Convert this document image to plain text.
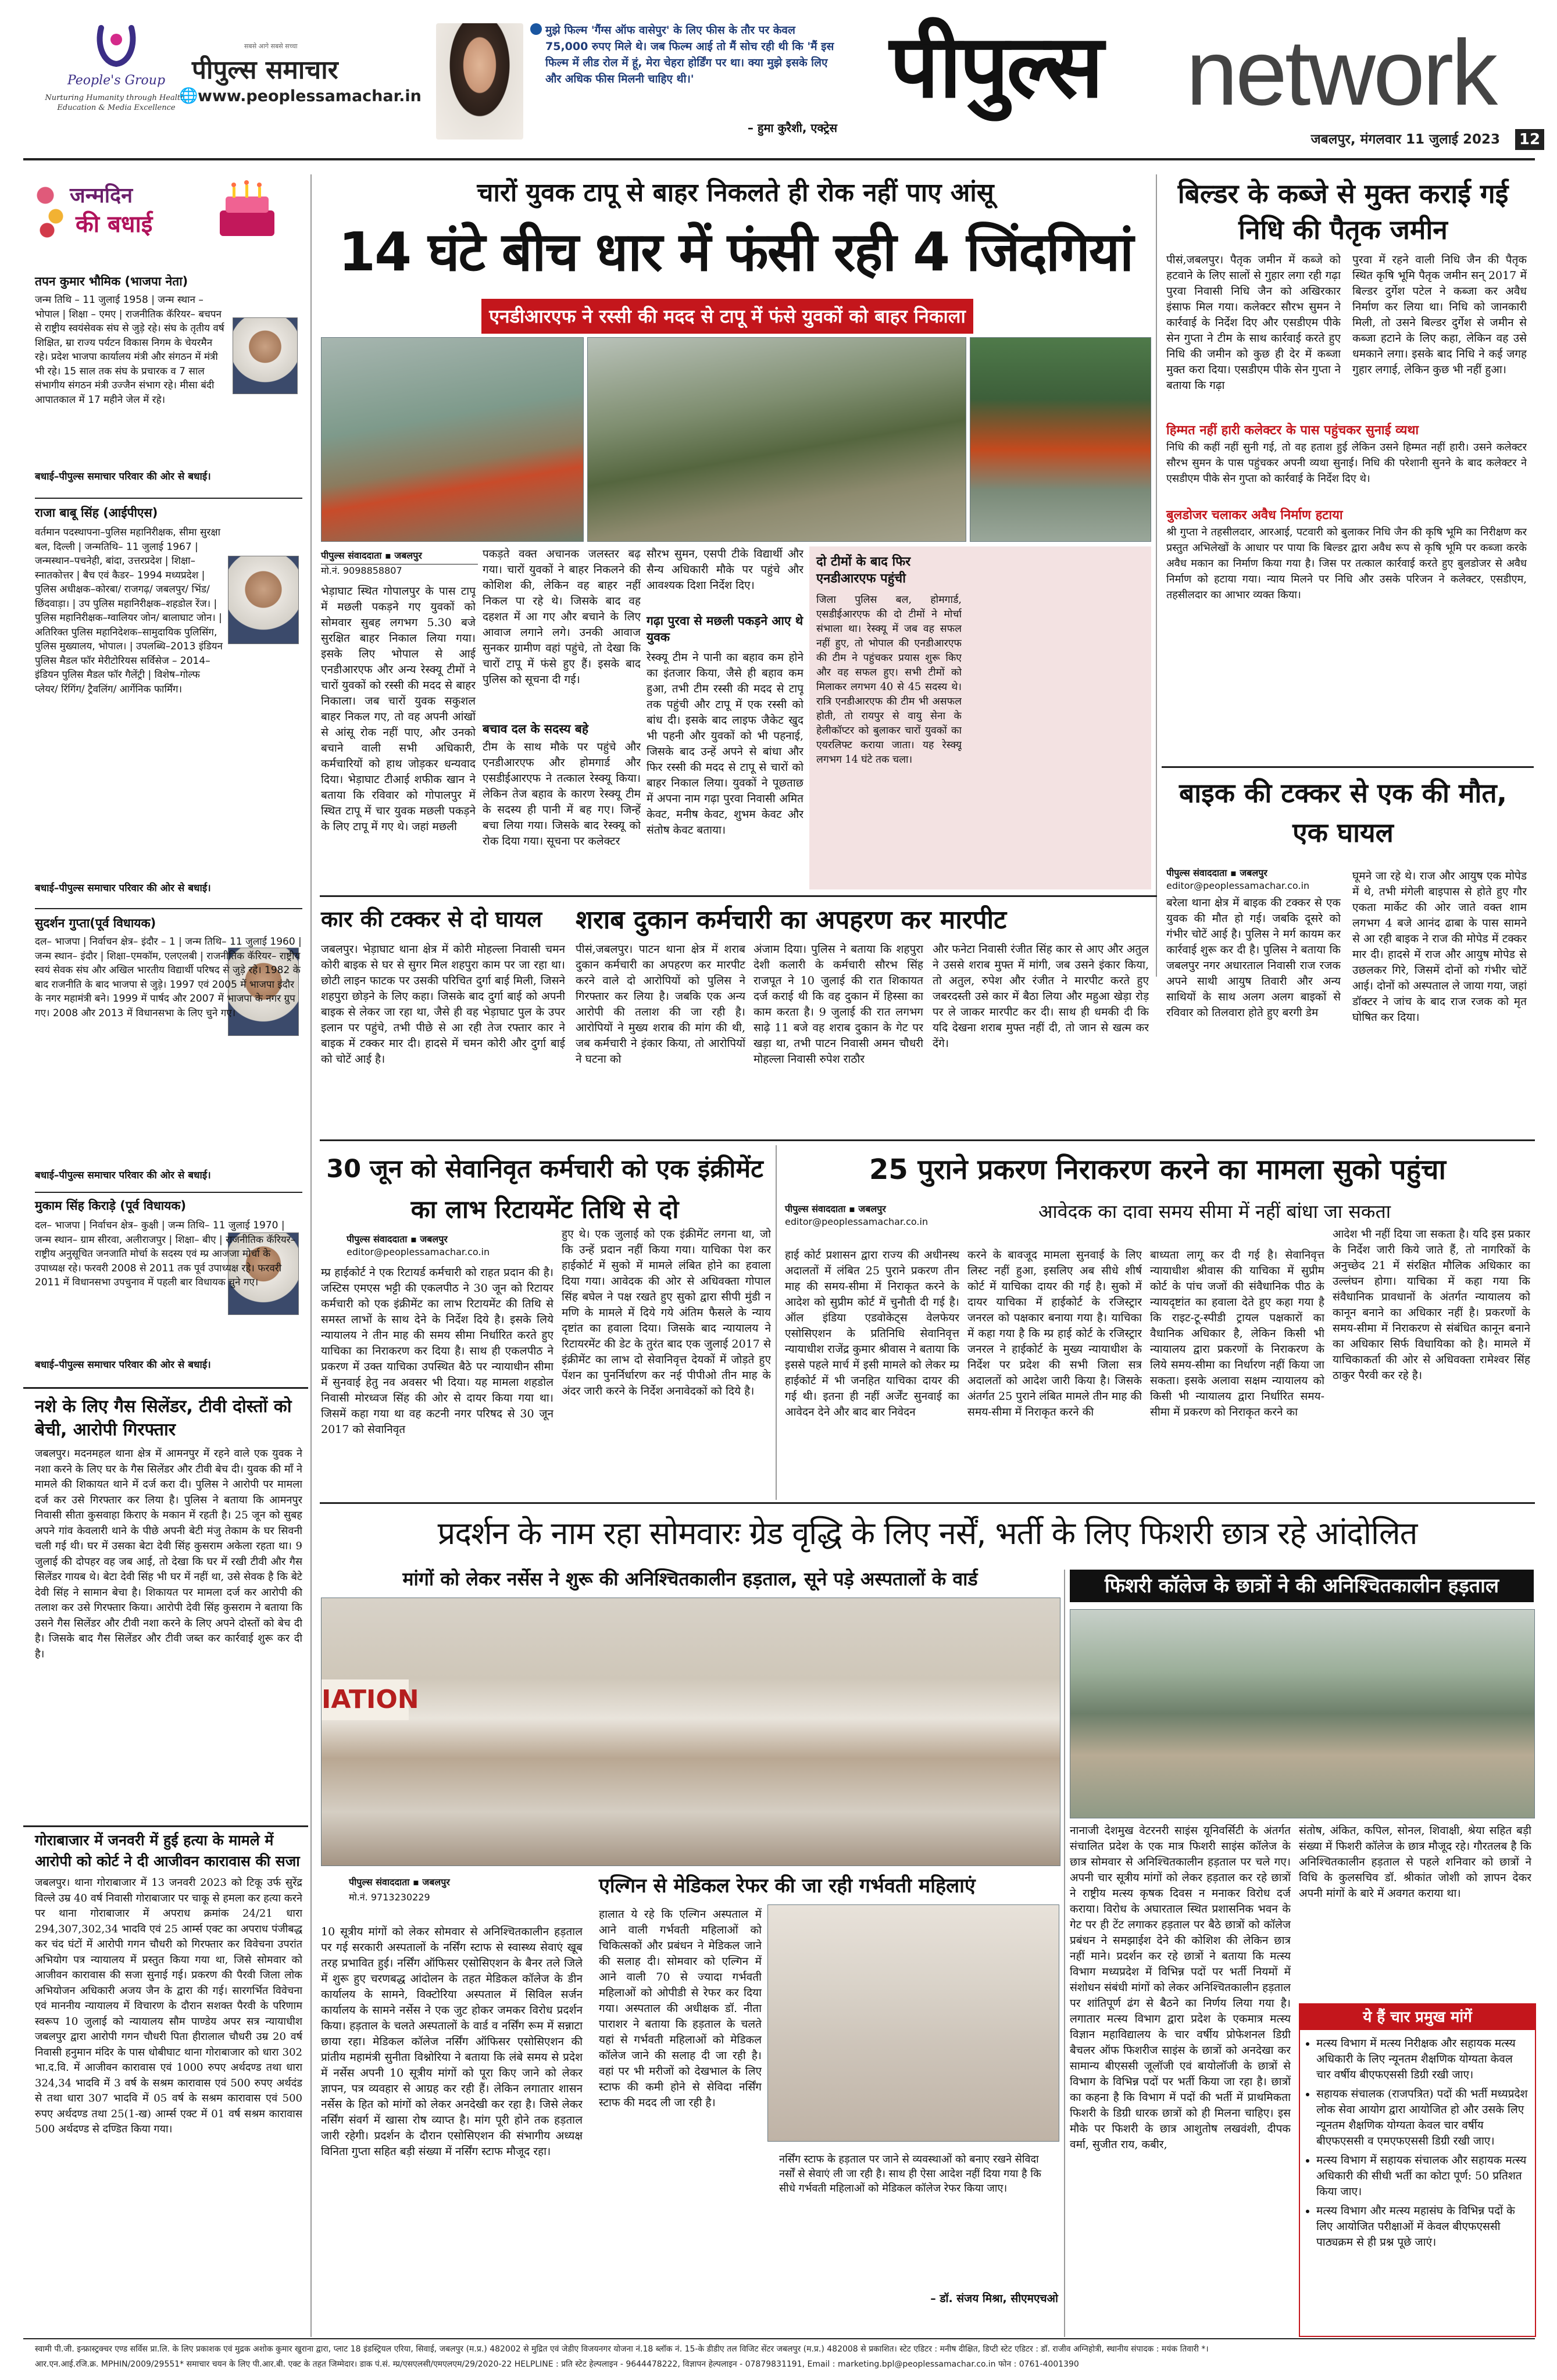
People's Group
Nurturing Humanity through Health, Education & Media Excellence
सबसे आगे सबसे सच्चा
पीपुल्स समाचार
www.peoplessamachar.in
🌐
मुझे फिल्म 'गैंग्स ऑफ वासेपुर' के लिए फीस के तौर पर केवल 75,000 रुपए मिले थे। जब फिल्म आई तो मैं सोच रही थी कि 'मैं इस फिल्म में लीड रोल में हूं, मेरा चेहरा होर्डिंग पर था। क्या मुझे इसके लिए और अधिक फीस मिलनी चाहिए थी।'
– हुमा कुरैशी, एक्ट्रेस
पीपुल्स network
जबलपुर, मंगलवार 11 जुलाई 2023 12
जन्मदिन
की बधाई
तपन कुमार भौमिक (भाजपा नेता)

जन्म तिथि – 11 जुलाई 1958 | जन्म स्थान – भोपाल | शिक्षा – एमए | राजनीतिक कॅरियर– बचपन से राष्ट्रीय स्वयंसेवक संघ से जुड़े रहे। संघ के तृतीय वर्ष शिक्षित, म्रा राज्य पर्यटन विकास निगम के चेयरमैन रहे। प्रदेश भाजपा कार्यालय मंत्री और संगठन में मंत्री भी रहे। 15 साल तक संघ के प्रचारक व 7 साल संभागीय संगठन मंत्री उज्जैन संभाग रहे। मीसा बंदी आपातकाल में 17 महीने जेल में रहे।

बधाई–पीपुल्स समाचार परिवार की ओर से बधाई।

राजा बाबू सिंह (आईपीएस)

वर्तमान पदस्थापना–पुलिस महानिरीक्षक, सीमा सुरक्षा बल, दिल्ली | जन्मतिथि– 11 जुलाई 1967 | जन्मस्थान–पचनेही, बांदा, उत्तरप्रदेश | शिक्षा–स्नातकोत्तर | बैच एवं कैडर– 1994 मध्यप्रदेश | पुलिस अधीक्षक–कोरबा/ राजगढ़/ जबलपुर/ भिंड/ छिंदवाड़ा। | उप पुलिस महानिरीक्षक–शहडोल रेंज। | पुलिस महानिरीक्षक–ग्वालियर जोन/ बालाघाट जोन। | अतिरिक्त पुलिस महानिदेशक–सामुदायिक पुलिसिंग, पुलिस मुख्यालय, भोपाल। | उपलब्धि–2013 इंडियन पुलिस मैडल फॉर मेरीटोरियस सर्विसेज – 2014–इंडियन पुलिस मैडल फॉर गैलेंट्री | विशेष–गोल्फ प्लेयर/ रिंगिंग/ ट्रैवलिंग/ आर्गेनिक फार्मिंग।

बधाई–पीपुल्स समाचार परिवार की ओर से बधाई।

सुदर्शन गुप्ता(पूर्व विधायक)

दल– भाजपा | निर्वाचन क्षेत्र– इंदौर – 1 | जन्म तिथि– 11 जुलाई 1960 | जन्म स्थान– इंदौर | शिक्षा–एमकॉम, एलएलबी | राजनीतिक कॅरियर– राष्ट्रीय स्वयं सेवक संघ और अखिल भारतीय विद्यार्थी परिषद से जुड़े रहे। 1982 के बाद राजनीति के बाद भाजपा से जुड़े। 1997 एवं 2005 में भाजपा इंदौर के नगर महामंत्री बने। 1999 में पार्षद और 2007 में भाजपा के नगर ग्रुप गए। 2008 और 2013 में विधानसभा के लिए चुने गए।

बधाई–पीपुल्स समाचार परिवार की ओर से बधाई।

मुकाम सिंह किराड़े (पूर्व विधायक)

दल– भाजपा | निर्वाचन क्षेत्र– कुक्षी | जन्म तिथि– 11 जुलाई 1970 | जन्म स्थान– ग्राम सीरवा, अलीराजपुर | शिक्षा– बीए | राजनीतिक कॅरियर– राष्ट्रीय अनुसूचित जनजाति मोर्चा के सदस्य एवं म्प्र आजजा मोर्चा के उपाध्यक्ष रहे। फरवरी 2008 से 2011 तक पूर्व उपाध्यक्ष रहे। फरवरी 2011 में विधानसभा उपचुनाव में पहली बार विधायक चुने गए।

बधाई–पीपुल्स समाचार परिवार की ओर से बधाई।

नशे के लिए गैस सिलेंडर, टीवी दोस्तों को बेची, आरोपी गिरफ्तार

जबलपुर। मदनमहल थाना क्षेत्र में आमनपुर में रहने वाले एक युवक ने नशा करने के लिए घर के गैस सिलेंडर और टीवी बेच दी। युवक की माँ ने मामले की शिकायत थाने में दर्ज करा दी। पुलिस ने आरोपी पर मामला दर्ज कर उसे गिरफ्तार कर लिया है। पुलिस ने बताया कि आमनपुर निवासी सीता कुसवाहा किराए के मकान में रहती है। 25 जून को सुबह अपने गांव केवलारी थाने के पीछे अपनी बेटी मंजु तेकाम के घर सिवनी चली गई थी। घर में उसका बेटा देवी सिंह कुसराम अकेला रहता था। 9 जुलाई की दोपहर वह जब आई, तो देखा कि घर में रखी टीवी और गैस सिलेंडर गायब थे। बेटा देवी सिंह भी घर में नहीं था, उसे सेवक है कि बेटे देवी सिंह ने सामान बेचा है। शिकायत पर मामला दर्ज कर आरोपी की तलाश कर उसे गिरफ्तार किया। आरोपी देवी सिंह कुसराम ने बताया कि उसने गैस सिलेंडर और टीवी नशा करने के लिए अपने दोस्तों को बेच दी है। जिसके बाद गैस सिलेंडर और टीवी जब्त कर कार्रवाई शुरू कर दी है।

गोराबाजार में जनवरी में हुई हत्या के मामले में आरोपी को कोर्ट ने दी आजीवन कारावास की सजा

जबलपुर। थाना गोराबाजार में 13 जनवरी 2023 को टिकू उर्फ सुरेंद्र विल्ले उम्र 40 वर्ष निवासी गोराबाजार पर चाकू से हमला कर हत्या करने पर थाना गोराबाजार में अपराध क्रमांक 24/21 धारा 294,307,302,34 भादवि एवं 25 आर्म्स एक्ट का अपराध पंजीबद्ध कर चंद घंटों में आरोपी गगन चौधरी को गिरफ्तार कर विवेचना उपरांत अभियोग पत्र न्यायालय में प्रस्तुत किया गया था, जिसे सोमवार को आजीवन कारावास की सजा सुनाई गई। प्रकरण की पैरवी जिला लोक अभियोजन अधिकारी अजय जैन के द्वारा की गई। सारगर्भित विवेचना एवं माननीय न्यायालय में विचारण के दौरान सशक्त पैरवी के परिणाम स्वरूप 10 जुलाई को न्यायालय सौम पाण्डेय अपर सत्र न्यायाधीश जबलपुर द्वारा आरोपी गगन चौधरी पिता हीरालाल चौधरी उम्र 20 वर्ष निवासी हनुमान मंदिर के पास धोबीघाट थाना गोराबाजार को धारा 302 भा.द.वि. में आजीवन कारावास एवं 1000 रुपए अर्थदण्ड तथा धारा 324,34 भादवि में 3 वर्ष के सश्रम कारावास एवं 500 रुपए अर्थदंड से तथा धारा 307 भादवि में 05 वर्ष के सश्रम कारावास एवं 500 रुपए अर्थदण्ड तथा 25(1-ख) आर्म्स एक्ट में 01 वर्ष सश्रम कारावास 500 अर्थदण्ड से दण्डित किया गया।

चारों युवक टापू से बाहर निकलते ही रोक नहीं पाए आंसू
14 घंटे बीच धार में फंसी रही 4 जिंदगियां
एनडीआरएफ ने रस्सी की मदद से टापू में फंसे युवकों को बाहर निकाला
पीपुल्स संवाददाता ▪ जबलपुर
मो.नं. 9098858807

भेड़ाघाट स्थित गोपालपुर के पास टापू में मछली पकड़ने गए युवकों को सोमवार सुबह लगभग 5.30 बजे सुरक्षित बाहर निकाल लिया गया। इसके लिए भोपाल से आई एनडीआरएफ और अन्य रेस्क्यू टीमों ने चारों युवकों को रस्सी की मदद से बाहर निकाला। जब चारों युवक सकुशल बाहर निकल गए, तो वह अपनी आंखों से आंसू रोक नहीं पाए, और उनको बचाने वाली सभी अधिकारी, कर्मचारियों को हाथ जोड़कर धन्यवाद दिया। भेड़ाघाट टीआई शफीक खान ने बताया कि रविवार को गोपालपुर में स्थित टापू में चार युवक मछली पकड़ने के लिए टापू में गए थे। जहां मछली

पकड़ते वक्त अचानक जलस्तर बढ़ गया। चारों युवकों ने बाहर निकलने की कोशिश की, लेकिन वह बाहर नहीं निकल पा रहे थे। जिसके बाद वह दहशत में आ गए और बचाने के लिए आवाज लगाने लगे। उनकी आवाज सुनकर ग्रामीण वहां पहुंचे, तो देखा कि चारों टापू में फंसे हुए हैं। इसके बाद पुलिस को सूचना दी गई।

बचाव दल के सदस्य बहे

टीम के साथ मौके पर पहुंचे और एनडीआरएफ और होमगार्ड और एसडीईआरएफ ने तत्काल रेस्क्यू किया। लेकिन तेज बहाव के कारण रेस्क्यू टीम के सदस्य ही पानी में बह गए। जिन्हें बचा लिया गया। जिसके बाद रेस्क्यू को रोक दिया गया। सूचना पर कलेक्टर

सौरभ सुमन, एसपी टीके विद्यार्थी और सैन्य अधिकारी मौके पर पहुंचे और आवश्यक दिशा निर्देश दिए।

गढ़ा पुरवा से मछली पकड़ने आए थे युवक

रेस्क्यू टीम ने पानी का बहाव कम होने का इंतजार किया, जैसे ही बहाव कम हुआ, तभी टीम रस्सी की मदद से टापू तक पहुंची और टापू में एक रस्सी को बांध दी। इसके बाद लाइफ जैकेट खुद भी पहनी और युवकों को भी पहनाई, जिसके बाद उन्हें अपने से बांधा और फिर रस्सी की मदद से टापू से चारों को बाहर निकाल लिया। युवकों ने पूछताछ में अपना नाम गढ़ा पुरवा निवासी अमित केवट, मनीष केवट, शुभम केवट और संतोष केवट बताया।

दो टीमों के बाद फिर एनडीआरएफ पहुंची

जिला पुलिस बल, होमगार्ड, एसडीईआरएफ की दो टीमों ने मोर्चा संभाला था। रेस्क्यू में जब वह सफल नहीं हुए, तो भोपाल की एनडीआरएफ की टीम ने पहुंचकर प्रयास शुरू किए और वह सफल हुए। सभी टीमों को मिलाकर लगभग 40 से 45 सदस्य थे। रात्रि एनडीआरएफ की टीम भी असफल होती, तो रायपुर से वायु सेना के हेलीकॉप्टर को बुलाकर चारों युवकों का एयरलिफ्ट कराया जाता। यह रेस्क्यू लगभग 14 घंटे तक चला।

बिल्डर के कब्जे से मुक्त कराई गई निधि की पैतृक जमीन

पीसं,जबलपुर। पैतृक जमीन में कब्जे को हटवाने के लिए सालों से गुहार लगा रही गढ़ा पुरवा निवासी निधि जैन को अखिरकार इंसाफ मिल गया। कलेक्टर सौरभ सुमन ने कार्रवाई के निर्देश दिए और एसडीएम पीके सेन गुप्ता ने टीम के साथ कार्रवाई करते हुए निधि की जमीन को कुछ ही देर में कब्जा मुक्त करा दिया। एसडीएम पीके सेन गुप्ता ने बताया कि गढ़ा

पुरवा में रहने वाली निधि जैन की पैतृक स्थित कृषि भूमि पैतृक जमीन सन् 2017 में बिल्डर दुर्गेश पटेल ने कब्जा कर अवैध निर्माण कर लिया था। निधि को जानकारी मिली, तो उसने बिल्डर दुर्गेश से जमीन से कब्जा हटाने के लिए कहा, लेकिन वह उसे धमकाने लगा। इसके बाद निधि ने कई जगह गुहार लगाई, लेकिन कुछ भी नहीं हुआ।

हिम्मत नहीं हारी कलेक्टर के पास पहुंचकर सुनाई व्यथा

निधि की कहीं नहीं सुनी गई, तो वह हताश हुई लेकिन उसने हिम्मत नहीं हारी। उसने कलेक्टर सौरभ सुमन के पास पहुंचकर अपनी व्यथा सुनाई। निधि की परेशानी सुनने के बाद कलेक्टर ने एसडीएम पीके सेन गुप्ता को कार्रवाई के निर्देश दिए थे।

बुलडोजर चलाकर अवैध निर्माण हटाया

श्री गुप्ता ने तहसीलदार, आरआई, पटवारी को बुलाकर निधि जैन की कृषि भूमि का निरीक्षण कर प्रस्तुत अभिलेखों के आधार पर पाया कि बिल्डर द्वारा अवैध रूप से कृषि भूमि पर कब्जा करके अवैध मकान का निर्माण किया गया है। जिस पर तत्काल कार्रवाई करते हुए बुलडोजर से अवैध निर्माण को हटाया गया। न्याय मिलने पर निधि और उसके परिजन ने कलेक्टर, एसडीएम, तहसीलदार का आभार व्यक्त किया।

बाइक की टक्कर से एक की मौत, एक घायल
पीपुल्स संवाददाता ▪ जबलपुर
editor@peoplessamachar.co.in

बरेला थाना क्षेत्र में बाइक की टक्कर से एक युवक की मौत हो गई। जबकि दूसरे को गंभीर चोटें आई है। पुलिस ने मर्ग कायम कर कार्रवाई शुरू कर दी है। पुलिस ने बताया कि जबलपुर नगर अधारताल निवासी राज रजक अपने साथी आयुष तिवारी और अन्य साथियों के साथ अलग अलग बाइकों से रविवार को तिलवारा होते हुए बरगी डेम

घूमने जा रहे थे। राज और आयुष एक मोपेड में थे, तभी मंगेली बाइपास से होते हुए गौर एकता मार्केट की ओर जाते वक्त शाम लगभग 4 बजे आनंद ढाबा के पास सामने से आ रही बाइक ने राज की मोपेड में टक्कर मार दी। हादसे में राज और आयुष मोपेड से उछलकर गिरे, जिसमें दोनों को गंभीर चोटें आई। दोनों को अस्पताल ले जाया गया, जहां डॉक्टर ने जांच के बाद राज रजक को मृत घोषित कर दिया।

कार की टक्कर से दो घायल

जबलपुर। भेड़ाघाट थाना क्षेत्र में कोरी मोहल्ला निवासी चमन कोरी बाइक से घर से सुगर मिल शहपुरा काम पर जा रहा था। छोटी लाइन फाटक पर उसकी परिचित दुर्गा बाई मिली, जिसने शहपुरा छोड़ने के लिए कहा। जिसके बाद दुर्गा बाई को अपनी बाइक से लेकर जा रहा था, जैसे ही वह भेड़ाघाट पुल के उपर इलान पर पहुंचे, तभी पीछे से आ रही तेज रफ्तार कार ने बाइक में टक्कर मार दी। हादसे में चमन कोरी और दुर्गा बाई को चोटें आई है।

शराब दुकान कर्मचारी का अपहरण कर मारपीट

पीसं,जबलपुर। पाटन थाना क्षेत्र में शराब दुकान कर्मचारी का अपहरण कर मारपीट करने वाले दो आरोपियों को पुलिस ने गिरफ्तार कर लिया है। जबकि एक अन्य आरोपी की तलाश की जा रही है। आरोपियों ने मुख्य शराब की मांग की थी, जब कर्मचारी ने इंकार किया, तो आरोपियों ने घटना को

अंजाम दिया। पुलिस ने बताया कि शहपुरा देशी कलारी के कर्मचारी सौरभ सिंह राजपूत ने 10 जुलाई की रात शिकायत दर्ज कराई थी कि वह दुकान में हिस्सा का काम करता है। 9 जुलाई की रात लगभग साढ़े 11 बजे वह शराब दुकान के गेट पर खड़ा था, तभी पाटन निवासी अमन चौधरी मोहल्ला निवासी रुपेश राठौर

और फनेटा निवासी रंजीत सिंह कार से आए और अतुल ने उससे शराब मुफ्त में मांगी, जब उसने इंकार किया, तो अतुल, रुपेश और रंजीत ने मारपीट करते हुए जबरदस्ती उसे कार में बैठा लिया और महुआ खेड़ा रोड़ पर ले जाकर मारपीट कर दी। साथ ही धमकी दी कि यदि देखना शराब मुफ्त नहीं दी, तो जान से खत्म कर देंगे।

30 जून को सेवानिवृत कर्मचारी को एक इंक्रीमेंट का लाभ रिटायमेंट तिथि से दो
पीपुल्स संवाददाता ▪ जबलपुर
editor@peoplessamachar.co.in

म्प्र हाईकोर्ट ने एक रिटायर्ड कर्मचारी को राहत प्रदान की है। जस्टिस एमएस भट्टी की एकलपीठ ने 30 जून को रिटायर कर्मचारी को एक इंक्रीमेंट का लाभ रिटायमेंट की तिथि से समस्त लाभों के साथ देने के निर्देश दिये है। इसके लिये न्यायालय ने तीन माह की समय सीमा निर्धारित करते हुए याचिका का निराकरण कर दिया है। साथ ही एकलपीठ ने प्रकरण में उक्त याचिका उपस्थित बैठे पर न्यायाधीन सीमा में सुनवाई हेतु नव अवसर भी दिया। यह मामला शहडोल निवासी मोरध्वज सिंह की ओर से दायर किया गया था। जिसमें कहा गया था वह कटनी नगर परिषद से 30 जून 2017 को सेवानिवृत

हुए थे। एक जुलाई को एक इंक्रीमेंट लगना था, जो कि उन्हें प्रदान नहीं किया गया। याचिका पेश कर हाईकोर्ट में सुको में मामले लंबित होने का हवाला दिया गया। आवेदक की ओर से अधिवक्ता गोपाल सिंह बघेल ने पक्ष रखते हुए सुको द्वारा सीपी मुंडी न मणि के मामले में दिये गये अंतिम फैसले के न्याय दृष्टांत का हवाला दिया। जिसके बाद न्यायालय ने रिटायरमेंट की डेट के तुरंत बाद एक जुलाई 2017 से इंक्रीमेंट का लाभ दो सेवानिवृत्त देयकों में जोड़ते हुए पेंशन का पुनर्निर्धारण कर नई पीपीओ तीन माह के अंदर जारी करने के निर्देश अनावेदकों को दिये है।

25 पुराने प्रकरण निराकरण करने का मामला सुको पहुंचा
आवेदक का दावा समय सीमा में नहीं बांधा जा सकता
पीपुल्स संवाददाता ▪ जबलपुर
editor@peoplessamachar.co.in

हाई कोर्ट प्रशासन द्वारा राज्य की अधीनस्थ अदालतों में लंबित 25 पुराने प्रकरण तीन माह की समय-सीमा में निराकृत करने के आदेश को सुप्रीम कोर्ट में चुनौती दी गई है। ऑल इंडिया एडवोकेट्स वेलफेयर एसोसिएशन के प्रतिनिधि सेवानिवृत्त न्यायाधीश राजेंद्र कुमार श्रीवास ने बताया कि इससे पहले मार्च में इसी मामले को लेकर म्प्र हाईकोर्ट में भी जनहित याचिका दायर की गई थी। इतना ही नहीं अर्जेंट सुनवाई का आवेदन देने और बाद बार निवेदन

करने के बावजूद मामला सुनवाई के लिए लिस्ट नहीं हुआ, इसलिए अब सीधे शीर्ष कोर्ट में याचिका दायर की गई है। सुको में दायर याचिका में हाईकोर्ट के रजिस्ट्रार जनरल को पक्षकार बनाया गया है। याचिका में कहा गया है कि म्प्र हाई कोर्ट के रजिस्ट्रार जनरल ने हाईकोर्ट के मुख्य न्यायाधीश के निर्देश पर प्रदेश की सभी जिला सत्र अदालतों को आदेश जारी किया है। जिसके अंतर्गत 25 पुराने लंबित मामले तीन माह की समय-सीमा में निराकृत करने की

बाध्यता लागू कर दी गई है। सेवानिवृत्त न्यायाधीश श्रीवास की याचिका में सुप्रीम कोर्ट के पांच जजों की संवैधानिक पीठ के न्यायदृष्टांत का हवाला देते हुए कहा गया है कि राइट-टू-स्पीडी ट्रायल पक्षकारों का वैधानिक अधिकार है, लेकिन किसी भी न्यायालय द्वारा प्रकरणों के निराकरण के लिये समय-सीमा का निर्धारण नहीं किया जा सकता। इसके अलावा सक्षम न्यायालय को किसी भी न्यायालय द्वारा निर्धारित समय-सीमा में प्रकरण को निराकृत करने का

आदेश भी नहीं दिया जा सकता है। यदि इस प्रकार के निर्देश जारी किये जाते हैं, तो नागरिकों के अनुच्छेद 21 में संरक्षित मौलिक अधिकार का उल्लंघन होगा। याचिका में कहा गया कि संवैधानिक प्रावधानों के अंतर्गत न्यायालय को कानून बनाने का अधिकार नहीं है। प्रकरणों के समय-सीमा में निराकरण से संबंधित कानून बनाने का अधिकार सिर्फ विधायिका को है। मामले में याचिकाकर्ता की ओर से अधिवक्ता रामेश्वर सिंह ठाकुर पैरवी कर रहे है।

प्रदर्शन के नाम रहा सोमवारः ग्रेड वृद्धि के लिए नर्सें, भर्ती के लिए फिशरी छात्र रहे आंदोलित
मांगों को लेकर नर्सेस ने शुरू की अनिश्चितकालीन हड़ताल, सूने पड़े अस्पतालों के वार्ड
IATION
पीपुल्स संवाददाता ▪ जबलपुर
मो.नं. 9713230229

10 सूत्रीय मांगों को लेकर सोमवार से अनिश्चितकालीन हड़ताल पर गई सरकारी अस्पतालों के नर्सिंग स्टाफ से स्वास्थ्य सेवाएं खूब तरह प्रभावित हुई। नर्सिंग ऑफिसर एसोसिएशन के बैनर तले जिले में शुरू हुए चरणबद्ध आंदोलन के तहत मेडिकल कॉलेज के डीन कार्यालय के सामने, विक्टोरिया अस्पताल में सिविल सर्जन कार्यालय के सामने नर्सेस ने एक जुट होकर जमकर विरोध प्रदर्शन किया। हड़ताल के चलते अस्पतालों के वार्ड व नर्सिंग रूम में सन्नाटा छाया रहा। मेडिकल कॉलेज नर्सिंग ऑफिसर एसोसिएशन की प्रांतीय महामंत्री सुनीता विश्नोरिया ने बताया कि लंबे समय से प्रदेश में नर्सेस अपनी 10 सूत्रीय मांगों को पूरा किए जाने को लेकर ज्ञापन, पत्र व्यवहार से आग्रह कर रही हैं। लेकिन लगातार शासन नर्सेस के हित को मांगों को लेकर अनदेखी कर रहा है। जिसे लेकर नर्सिंग संवर्ग में खासा रोष व्याप्त है। मांग पूरी होने तक हड़ताल जारी रहेगी। प्रदर्शन के दौरान एसोसिएशन की संभागीय अध्यक्ष विनिता गुप्ता सहित बड़ी संख्या में नर्सिंग स्टाफ मौजूद रहा।

एल्गिन से मेडिकल रेफर की जा रही गर्भवती महिलाएं

हालात ये रहे कि एल्गिन अस्पताल में आने वाली गर्भवती महिलाओं को चिकित्सकों और प्रबंधन ने मेडिकल जाने की सलाह दी। सोमवार को एल्गिन में आने वाली 70 से ज्यादा गर्भवती महिलाओं को ओपीडी से रेफर कर दिया गया। अस्पताल की अधीक्षक डॉ. नीता पाराशर ने बताया कि हड़ताल के चलते यहां से गर्भवती महिलाओं को मेडिकल कॉलेज जाने की सलाह दी जा रही है। वहां पर भी मरीजों को देखभाल के लिए स्टाफ की कमी होने से सेविदा नर्सिंग स्टाफ की मदद ली जा रही है।

नर्सिंग स्टाफ के हड़ताल पर जाने से व्यवस्थाओं को बनाए रखने सेविदा नर्सों से सेवाएं ली जा रही है। साथ ही ऐसा आदेश नहीं दिया गया है कि सीधे गर्भवती महिलाओं को मेडिकल कॉलेज रेफर किया जाए।
– डॉ. संजय मिश्रा, सीएमएचओ
फिशरी कॉलेज के छात्रों ने की अनिश्चितकालीन हड़ताल

नानाजी देशमुख वेटरनरी साइंस यूनिवर्सिटी के अंतर्गत संचालित प्रदेश के एक मात्र फिशरी साइंस कॉलेज के छात्र सोमवार से अनिश्चितकालीन हड़ताल पर चले गए। अपनी चार सूत्रीय मांगों को लेकर हड़ताल कर रहे छात्रों ने राष्ट्रीय मत्स्य कृषक दिवस न मनाकर विरोध दर्ज कराया। विरोध के अघारताल स्थित प्रशासनिक भवन के गेट पर ही टेंट लगाकर हड़ताल पर बैठे छात्रों को कॉलेज प्रबंधन ने समझाईश देने की कोशिश की लेकिन छात्र नहीं माने। प्रदर्शन कर रहे छात्रों ने बताया कि मत्स्य विभाग मध्यप्रदेश में विभिन्न पदों पर भर्ती नियमों में संशोधन संबंधी मांगों को लेकर अनिश्चितकालीन हड़ताल पर शांतिपूर्ण ढंग से बैठने का निर्णय लिया गया है। लगातार मत्स्य विभाग द्वारा प्रदेश के एकमात्र मत्स्य विज्ञान महाविद्यालय के चार वर्षीय प्रोफेशनल डिग्री बैचलर ऑफ फिशरीज साइंस के छात्रों को अनदेखा कर सामान्य बीएससी जूलॉजी एवं बायोलॉजी के छात्रों से विभाग के विभिन्न पदों पर भर्ती किया जा रहा है। छात्रों का कहना है कि विभाग में पदों की भर्ती में प्राथमिकता फिशरी के डिग्री धारक छात्रों को ही मिलना चाहिए। इस मौके पर फिशरी के छात्र आशुतोष लखवंशी, दीपक वर्मा, सुजीत राय, कबीर,

संतोष, अंकित, कपिल, सोनल, शिवाक्षी, श्रेया सहित बड़ी संख्या में फिशरी कॉलेज के छात्र मौजूद रहे। गौरतलब है कि अनिश्चितकालीन हड़ताल से पहले शनिवार को छात्रों ने विधि के कुलसचिव डॉ. श्रीकांत जोशी को ज्ञापन देकर अपनी मांगों के बारे में अवगत कराया था।

ये हैं चार प्रमुख मांगें
• मत्स्य विभाग में मत्स्य निरीक्षक और सहायक मत्स्य अधिकारी के लिए न्यूनतम शैक्षणिक योग्यता केवल चार वर्षीय बीएफएससी डिग्री रखी जाए।
• सहायक संचालक (राजपत्रित) पदों की भर्ती मध्यप्रदेश लोक सेवा आयोग द्वारा आयोजित हो और उसके लिए न्यूनतम शैक्षणिक योग्यता केवल चार वर्षीय बीएफएससी व एमएफएससी डिग्री रखी जाए।
• मत्स्य विभाग में सहायक संचालक और सहायक मत्स्य अधिकारी की सीधी भर्ती का कोटा पूर्ण: 50 प्रतिशत किया जाए।
• मत्स्य विभाग और मत्स्य महासंघ के विभिन्न पदों के लिए आयोजित परीक्षाओं में केवल बीएफएससी पाठ्यक्रम से ही प्रश्न पूछे जाएं।
स्वामी पी.जी. इन्फ्रास्ट्रक्चर एण्ड सर्विस प्रा.लि. के लिए प्रकाशक एवं मुद्रक अशोक कुमार खुराना द्वारा, प्लाट 18 इंडस्ट्रियल एरिया, सिवाई, जबलपुर (म.प्र.) 482002 से मुद्रित एवं जेडीए विजयनगर योजना नं.18 ब्लॉक नं. 15-के डीडीए तल विजिट सेंटर जबलपुर (म.प्र.) 482008 से प्रकाशित। स्टेट एडिटर : मनीष दीक्षित, डिप्टी स्टेट एडिटर : डॉ. राजीव अग्निहोत्री, स्थानीय संपादक : मयंक तिवारी *।
आर.एन.आई.रजि.क्र. MPHIN/2009/29551* समाचार चयन के लिए पी.आर.बी. एक्ट के तहत जिम्मेदार। डाक पं.सं. म्प्र/एसएलसी/एमएलएम/29/2020-22 HELPLINE : प्रति स्टेट हेल्पलाइन - 9644478222, विज्ञापन हेल्पलाइन - 07879831191, Email : marketing.bpl@peoplessamachar.co.in फोन : 0761-4001390
